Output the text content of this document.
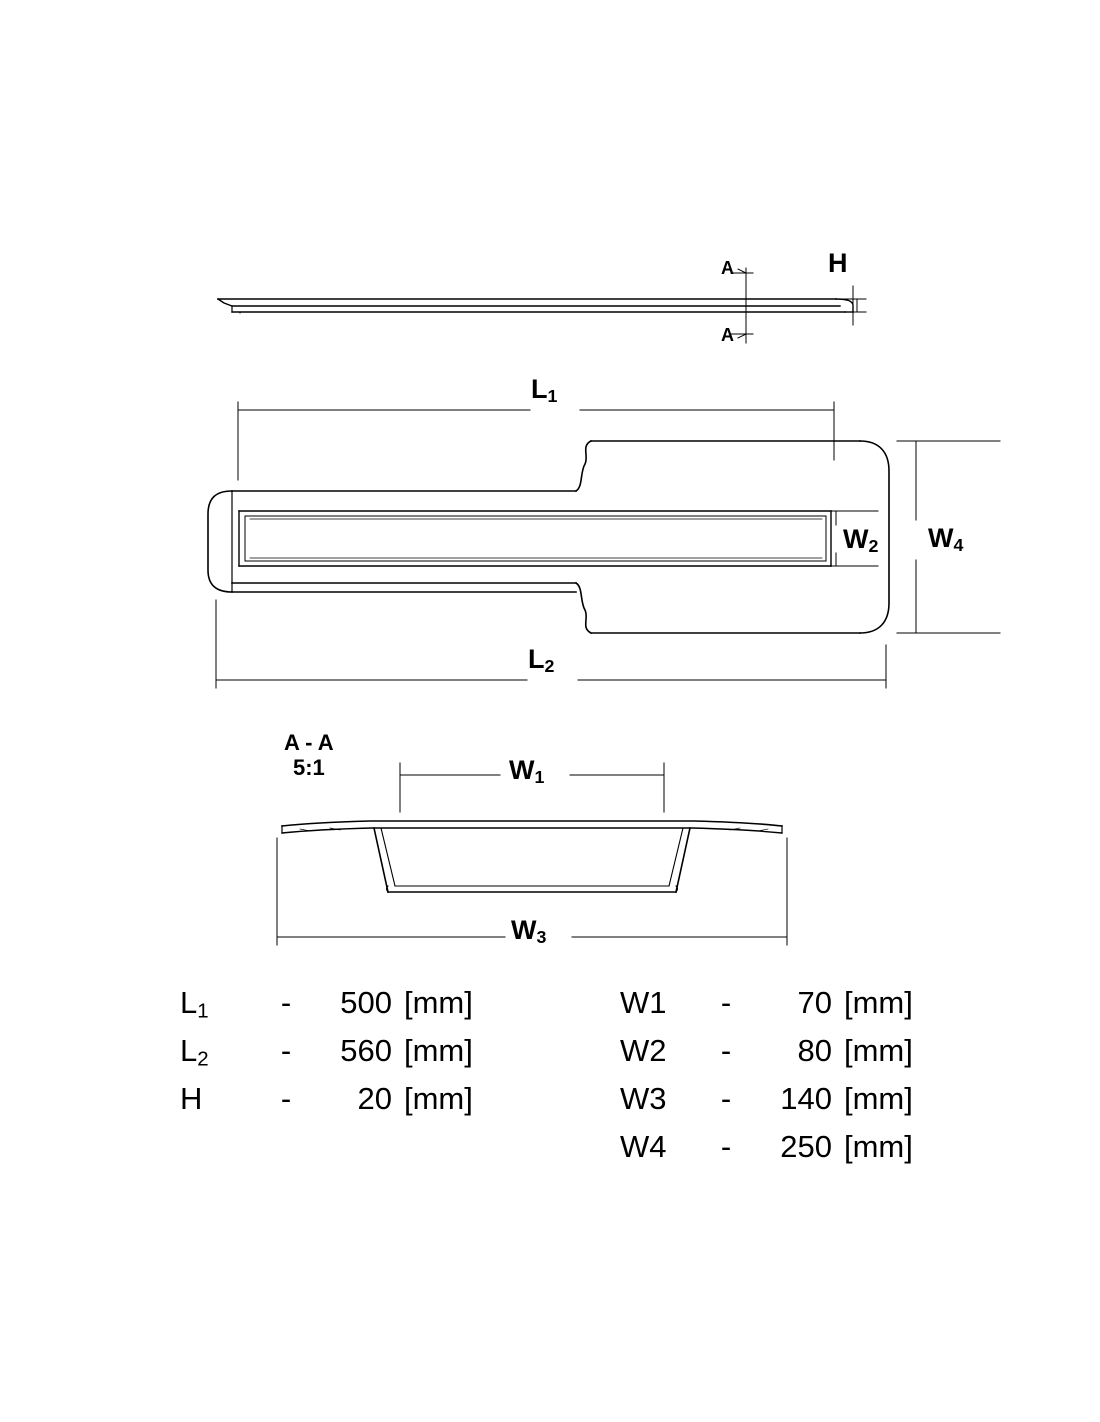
H
A
A
$L_1$
$L_2$
$W_2$ $W_4$
$W_1$
$W_3$
A - A
5:1
$L_1$	-	500 [mm]
$L_2$	-	560 [mm]
H	-	20 [mm]
W1	-	70 [mm]
W2	-	80 [mm]
W3	-	140 [mm]
W4	-	250 [mm]
